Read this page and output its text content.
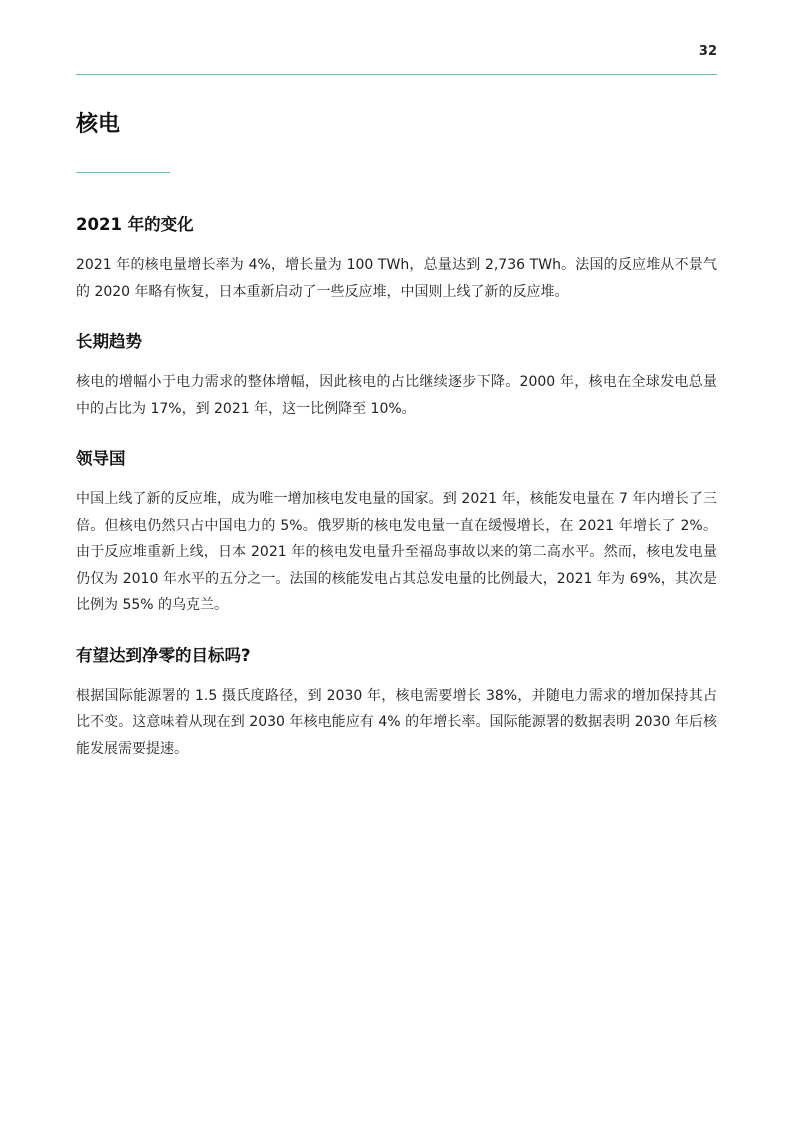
32
核电
2021 年的变化

2021 年的核电量增长率为 4%，增长量为 100 TWh，总量达到 2,736 TWh。法国的反应堆从不景气的 2020 年略有恢复，日本重新启动了一些反应堆，中国则上线了新的反应堆。

长期趋势

核电的增幅小于电力需求的整体增幅，因此核电的占比继续逐步下降。2000 年，核电在全球发电总量中的占比为 17%，到 2021 年，这一比例降至 10%。

领导国

中国上线了新的反应堆，成为唯一增加核电发电量的国家。到 2021 年，核能发电量在 7 年内增长了三倍。但核电仍然只占中国电力的 5%。俄罗斯的核电发电量一直在缓慢增长，在 2021 年增长了 2%。由于反应堆重新上线，日本 2021 年的核电发电量升至福岛事故以来的第二高水平。然而，核电发电量仍仅为 2010 年水平的五分之一。法国的核能发电占其总发电量的比例最大，2021 年为 69%，其次是比例为 55% 的乌克兰。

有望达到净零的目标吗?

根据国际能源署的 1.5 摄氏度路径，到 2030 年，核电需要增长 38%，并随电力需求的增加保持其占比不变。这意味着从现在到 2030 年核电能应有 4% 的年增长率。国际能源署的数据表明 2030 年后核能发展需要提速。
